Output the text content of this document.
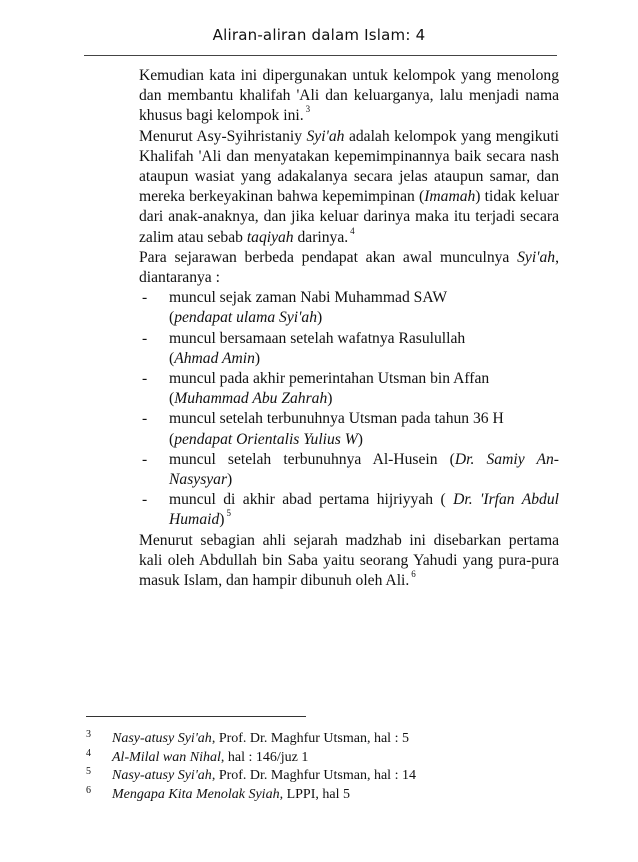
Aliran-aliran dalam Islam: 4

Kemudian kata ini dipergunakan untuk kelompok yang menolong dan membantu khalifah 'Ali dan keluarganya, lalu menjadi nama khusus bagi kelompok ini. $^3$

Menurut Asy-Syihristaniy Syi'ah adalah kelompok yang mengikuti Khalifah 'Ali dan menyatakan kepemimpinannya baik secara nash ataupun wasiat yang adakalanya secara jelas ataupun samar, dan mereka berkeyakinan bahwa kepemimpinan (Imamah) tidak keluar dari anak-anaknya, dan jika keluar darinya maka itu terjadi secara zalim atau sebab taqiyah darinya. $^4$

Para sejarawan berbeda pendapat akan awal munculnya Syi'ah, diantaranya :

- muncul sejak zaman Nabi Muhammad SAW
(pendapat ulama Syi'ah)
- muncul bersamaan setelah wafatnya Rasulullah
(Ahmad Amin)
- muncul pada akhir pemerintahan Utsman bin Affan
(Muhammad Abu Zahrah)
- muncul setelah terbunuhnya Utsman pada tahun 36 H
(pendapat Orientalis Yulius W)
- muncul setelah terbunuhnya Al-Husein (Dr. Samiy An-Nasysyar)
- muncul di akhir abad pertama hijriyyah ( Dr. 'Irfan Abdul Humaid) $^5$

Menurut sebagian ahli sejarah madzhab ini disebarkan pertama kali oleh Abdullah bin Saba yaitu seorang Yahudi yang pura-pura masuk Islam, dan hampir dibunuh oleh Ali. $^6$

3 Nasy-atusy Syi'ah, Prof. Dr. Maghfur Utsman, hal : 5
4 Al-Milal wan Nihal, hal : 146/juz 1
5 Nasy-atusy Syi'ah, Prof. Dr. Maghfur Utsman, hal : 14
6 Mengapa Kita Menolak Syiah, LPPI, hal 5
